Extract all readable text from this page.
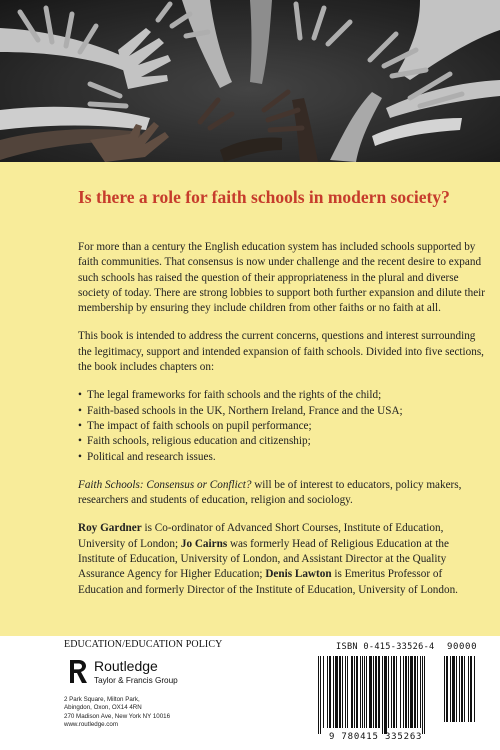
Is there a role for faith schools in modern society?

For more than a century the English education system has included schools supported by faith communities. That consensus is now under challenge and the recent desire to expand such schools has raised the question of their appropriateness in the plural and diverse society of today. There are strong lobbies to support both further expansion and dilute their membership by ensuring they include children from other faiths or no faith at all.

This book is intended to address the current concerns, questions and interest surrounding the legitimacy, support and intended expansion of faith schools. Divided into five sections, the book includes chapters on:

• The legal frameworks for faith schools and the rights of the child;
• Faith-based schools in the UK, Northern Ireland, France and the USA;
• The impact of faith schools on pupil performance;
• Faith schools, religious education and citizenship;
• Political and research issues.

Faith Schools: Consensus or Conflict? will be of interest to educators, policy makers, researchers and students of education, religion and sociology.

Roy Gardner is Co-ordinator of Advanced Short Courses, Institute of Education, University of London; Jo Cairns was formerly Head of Religious Education at the Institute of Education, University of London, and Assistant Director at the Quality Assurance Agency for Higher Education; Denis Lawton is Emeritus Professor of Education and formerly Director of the Institute of Education, University of London.

EDUCATION/EDUCATION POLICY
Routledge
Taylor & Francis Group
2 Park Square, Milton Park,
Abingdon, Oxon, OX14 4RN
270 Madison Ave, New York NY 10016
www.routledge.com
ISBN 0-415-33526-4
9 780415 335263
90000
